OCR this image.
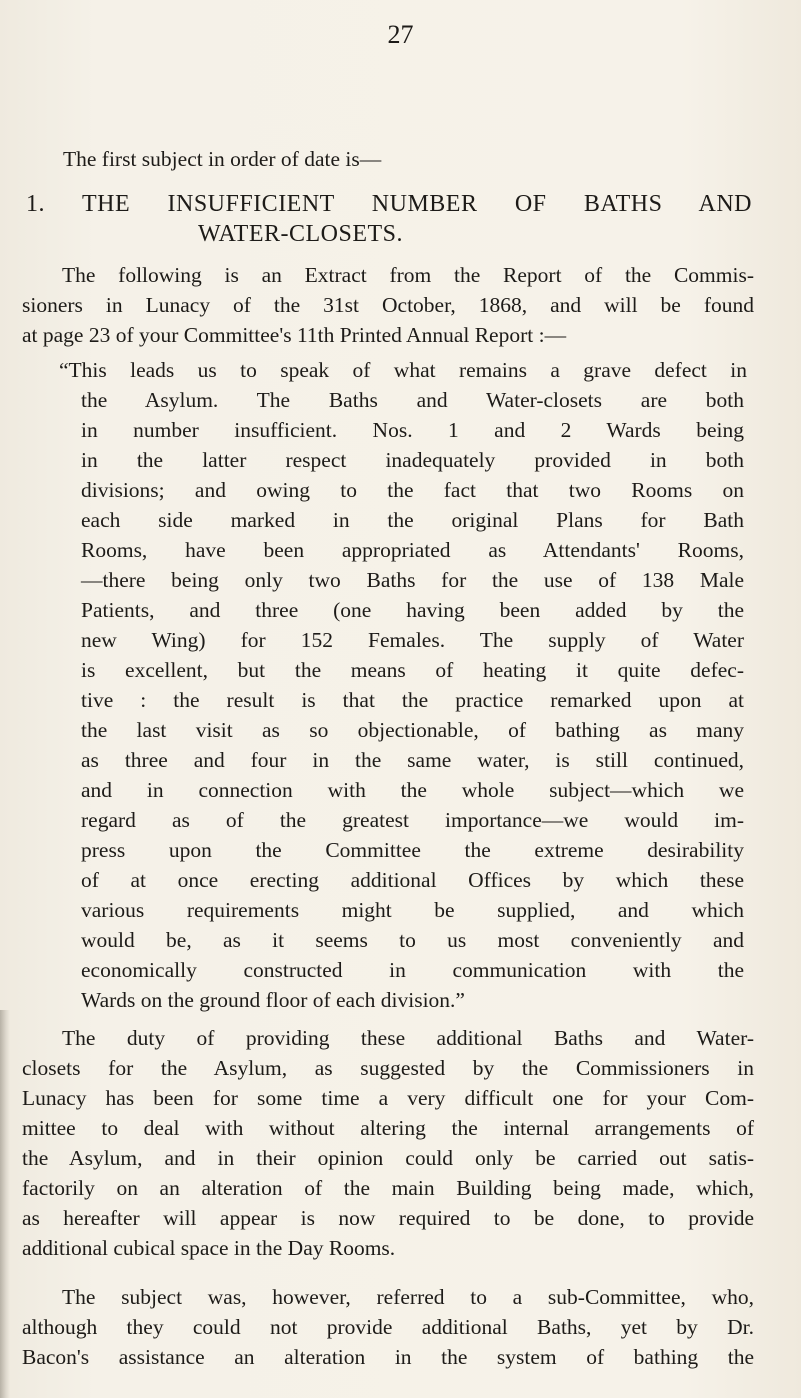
27
The first subject in order of date is—
1. THE INSUFFICIENT NUMBER OF BATHS AND
WATER-CLOSETS.
The following is an Extract from the Report of the Commis-
sioners in Lunacy of the 31st October, 1868, and will be found
at page 23 of your Committee's 11th Printed Annual Report :—
“This leads us to speak of what remains a grave defect in
the Asylum. The Baths and Water-closets are both
in number insufficient. Nos. 1 and 2 Wards being
in the latter respect inadequately provided in both
divisions; and owing to the fact that two Rooms on
each side marked in the original Plans for Bath
Rooms, have been appropriated as Attendants' Rooms,
—there being only two Baths for the use of 138 Male
Patients, and three (one having been added by the
new Wing) for 152 Females. The supply of Water
is excellent, but the means of heating it quite defec-
tive : the result is that the practice remarked upon at
the last visit as so objectionable, of bathing as many
as three and four in the same water, is still continued,
and in connection with the whole subject—which we
regard as of the greatest importance—we would im-
press upon the Committee the extreme desirability
of at once erecting additional Offices by which these
various requirements might be supplied, and which
would be, as it seems to us most conveniently and
economically constructed in communication with the
Wards on the ground floor of each division.”
The duty of providing these additional Baths and Water-
closets for the Asylum, as suggested by the Commissioners in
Lunacy has been for some time a very difficult one for your Com-
mittee to deal with without altering the internal arrangements of
the Asylum, and in their opinion could only be carried out satis-
factorily on an alteration of the main Building being made, which,
as hereafter will appear is now required to be done, to provide
additional cubical space in the Day Rooms.
The subject was, however, referred to a sub-Committee, who,
although they could not provide additional Baths, yet by Dr.
Bacon's assistance an alteration in the system of bathing the
